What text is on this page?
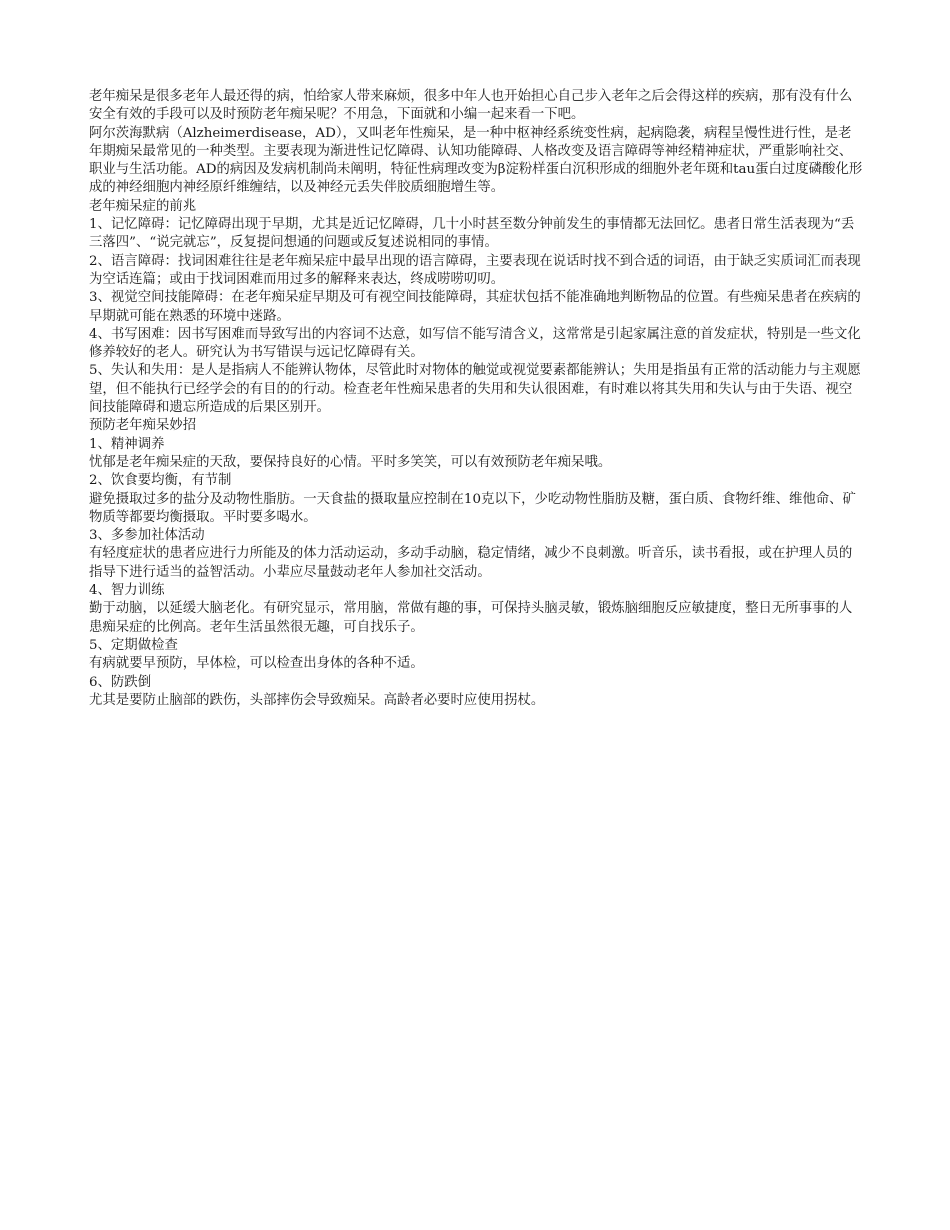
老年痴呆是很多老年人最还得的病，怕给家人带来麻烦，很多中年人也开始担心自己步入老年之后会得这样的疾病，那有没有什么安全有效的手段可以及时预防老年痴呆呢？不用急，下面就和小编一起来看一下吧。

阿尔茨海默病（Alzheimerdisease，AD），又叫老年性痴呆，是一种中枢神经系统变性病，起病隐袭，病程呈慢性进行性，是老年期痴呆最常见的一种类型。主要表现为渐进性记忆障碍、认知功能障碍、人格改变及语言障碍等神经精神症状，严重影响社交、职业与生活功能。AD的病因及发病机制尚未阐明，特征性病理改变为β淀粉样蛋白沉积形成的细胞外老年斑和tau蛋白过度磷酸化形成的神经细胞内神经原纤维缠结，以及神经元丢失伴胶质细胞增生等。

老年痴呆症的前兆

1、记忆障碍：记忆障碍出现于早期，尤其是近记忆障碍，几十小时甚至数分钟前发生的事情都无法回忆。患者日常生活表现为“丢三落四”、“说完就忘”，反复提问想通的问题或反复述说相同的事情。

2、语言障碍：找词困难往往是老年痴呆症中最早出现的语言障碍，主要表现在说话时找不到合适的词语，由于缺乏实质词汇而表现为空话连篇；或由于找词困难而用过多的解释来表达，终成唠唠叨叨。

3、视觉空间技能障碍：在老年痴呆症早期及可有视空间技能障碍，其症状包括不能准确地判断物品的位置。有些痴呆患者在疾病的早期就可能在熟悉的环境中迷路。

4、书写困难：因书写困难而导致写出的内容词不达意，如写信不能写清含义，这常常是引起家属注意的首发症状，特别是一些文化修养较好的老人。研究认为书写错误与远记忆障碍有关。

5、失认和失用：是人是指病人不能辨认物体，尽管此时对物体的触觉或视觉要素都能辨认；失用是指虽有正常的活动能力与主观愿望，但不能执行已经学会的有目的的行动。检查老年性痴呆患者的失用和失认很困难，有时难以将其失用和失认与由于失语、视空间技能障碍和遗忘所造成的后果区别开。

预防老年痴呆妙招

1、精神调养

忧郁是老年痴呆症的天敌，要保持良好的心情。平时多笑笑，可以有效预防老年痴呆哦。

2、饮食要均衡，有节制

避免摄取过多的盐分及动物性脂肪。一天食盐的摄取量应控制在10克以下，少吃动物性脂肪及糖，蛋白质、食物纤维、维他命、矿物质等都要均衡摄取。平时要多喝水。

3、多参加社体活动

有轻度症状的患者应进行力所能及的体力活动运动，多动手动脑，稳定情绪，减少不良刺激。听音乐，读书看报，或在护理人员的指导下进行适当的益智活动。小辈应尽量鼓动老年人参加社交活动。

4、智力训练

勤于动脑，以延缓大脑老化。有研究显示，常用脑，常做有趣的事，可保持头脑灵敏，锻炼脑细胞反应敏捷度，整日无所事事的人患痴呆症的比例高。老年生活虽然很无趣，可自找乐子。

5、定期做检查

有病就要早预防，早体检，可以检查出身体的各种不适。

6、防跌倒

尤其是要防止脑部的跌伤，头部摔伤会导致痴呆。高龄者必要时应使用拐杖。
